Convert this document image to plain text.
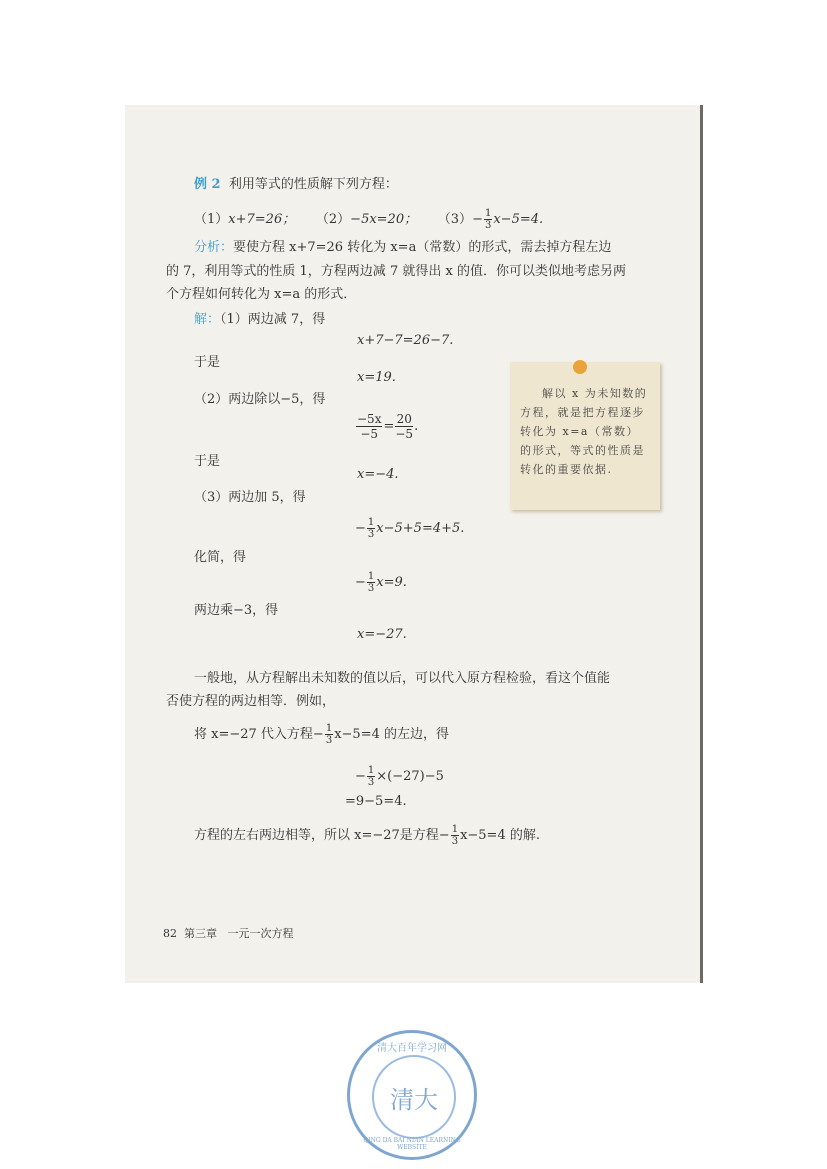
例 2 利用等式的性质解下列方程：
（1）x+7=26； （2）−5x=20； $(3)- \frac{1}{3} x-5=4$.
分析：要使方程 x+7=26 转化为 x=a（常数）的形式，需去掉方程左边
的 7，利用等式的性质 1，方程两边减 7 就得出 x 的值．你可以类似地考虑另两
个方程如何转化为 x=a 的形式．
解：（1）两边减 7，得
x+7−7=26−7.
于是
x=19.
（2）两边除以−5，得
$\frac{-5x}{-5} = \frac{20}{-5}$ .
于是
x=−4.
（3）两边加 5，得
− $\frac{1}{3} x-5+5=4+5$.
化简，得
− $\frac{1}{3} x=9$.
两边乘−3，得
x=−27.
一般地，从方程解出未知数的值以后，可以代入原方程检验，看这个值能
否使方程的两边相等．例如，
将 x=−27 代入方程− $\frac{1}{3} x-5=4$ 的左边，得
− $\frac{1}{3} \times(-27)-5$
=9−5=4.
方程的左右两边相等，所以 x=−27是方程− $\frac{1}{3} x-5=4$ 的解.
解以 x 为未知数的方程，就是把方程逐步转化为 x=a（常数）的形式，等式的性质是转化的重要依据.
82 第三章 一元一次方程
清大百年学习网
清大
QING DA BAI NIAN LEARNING WEBSITE
